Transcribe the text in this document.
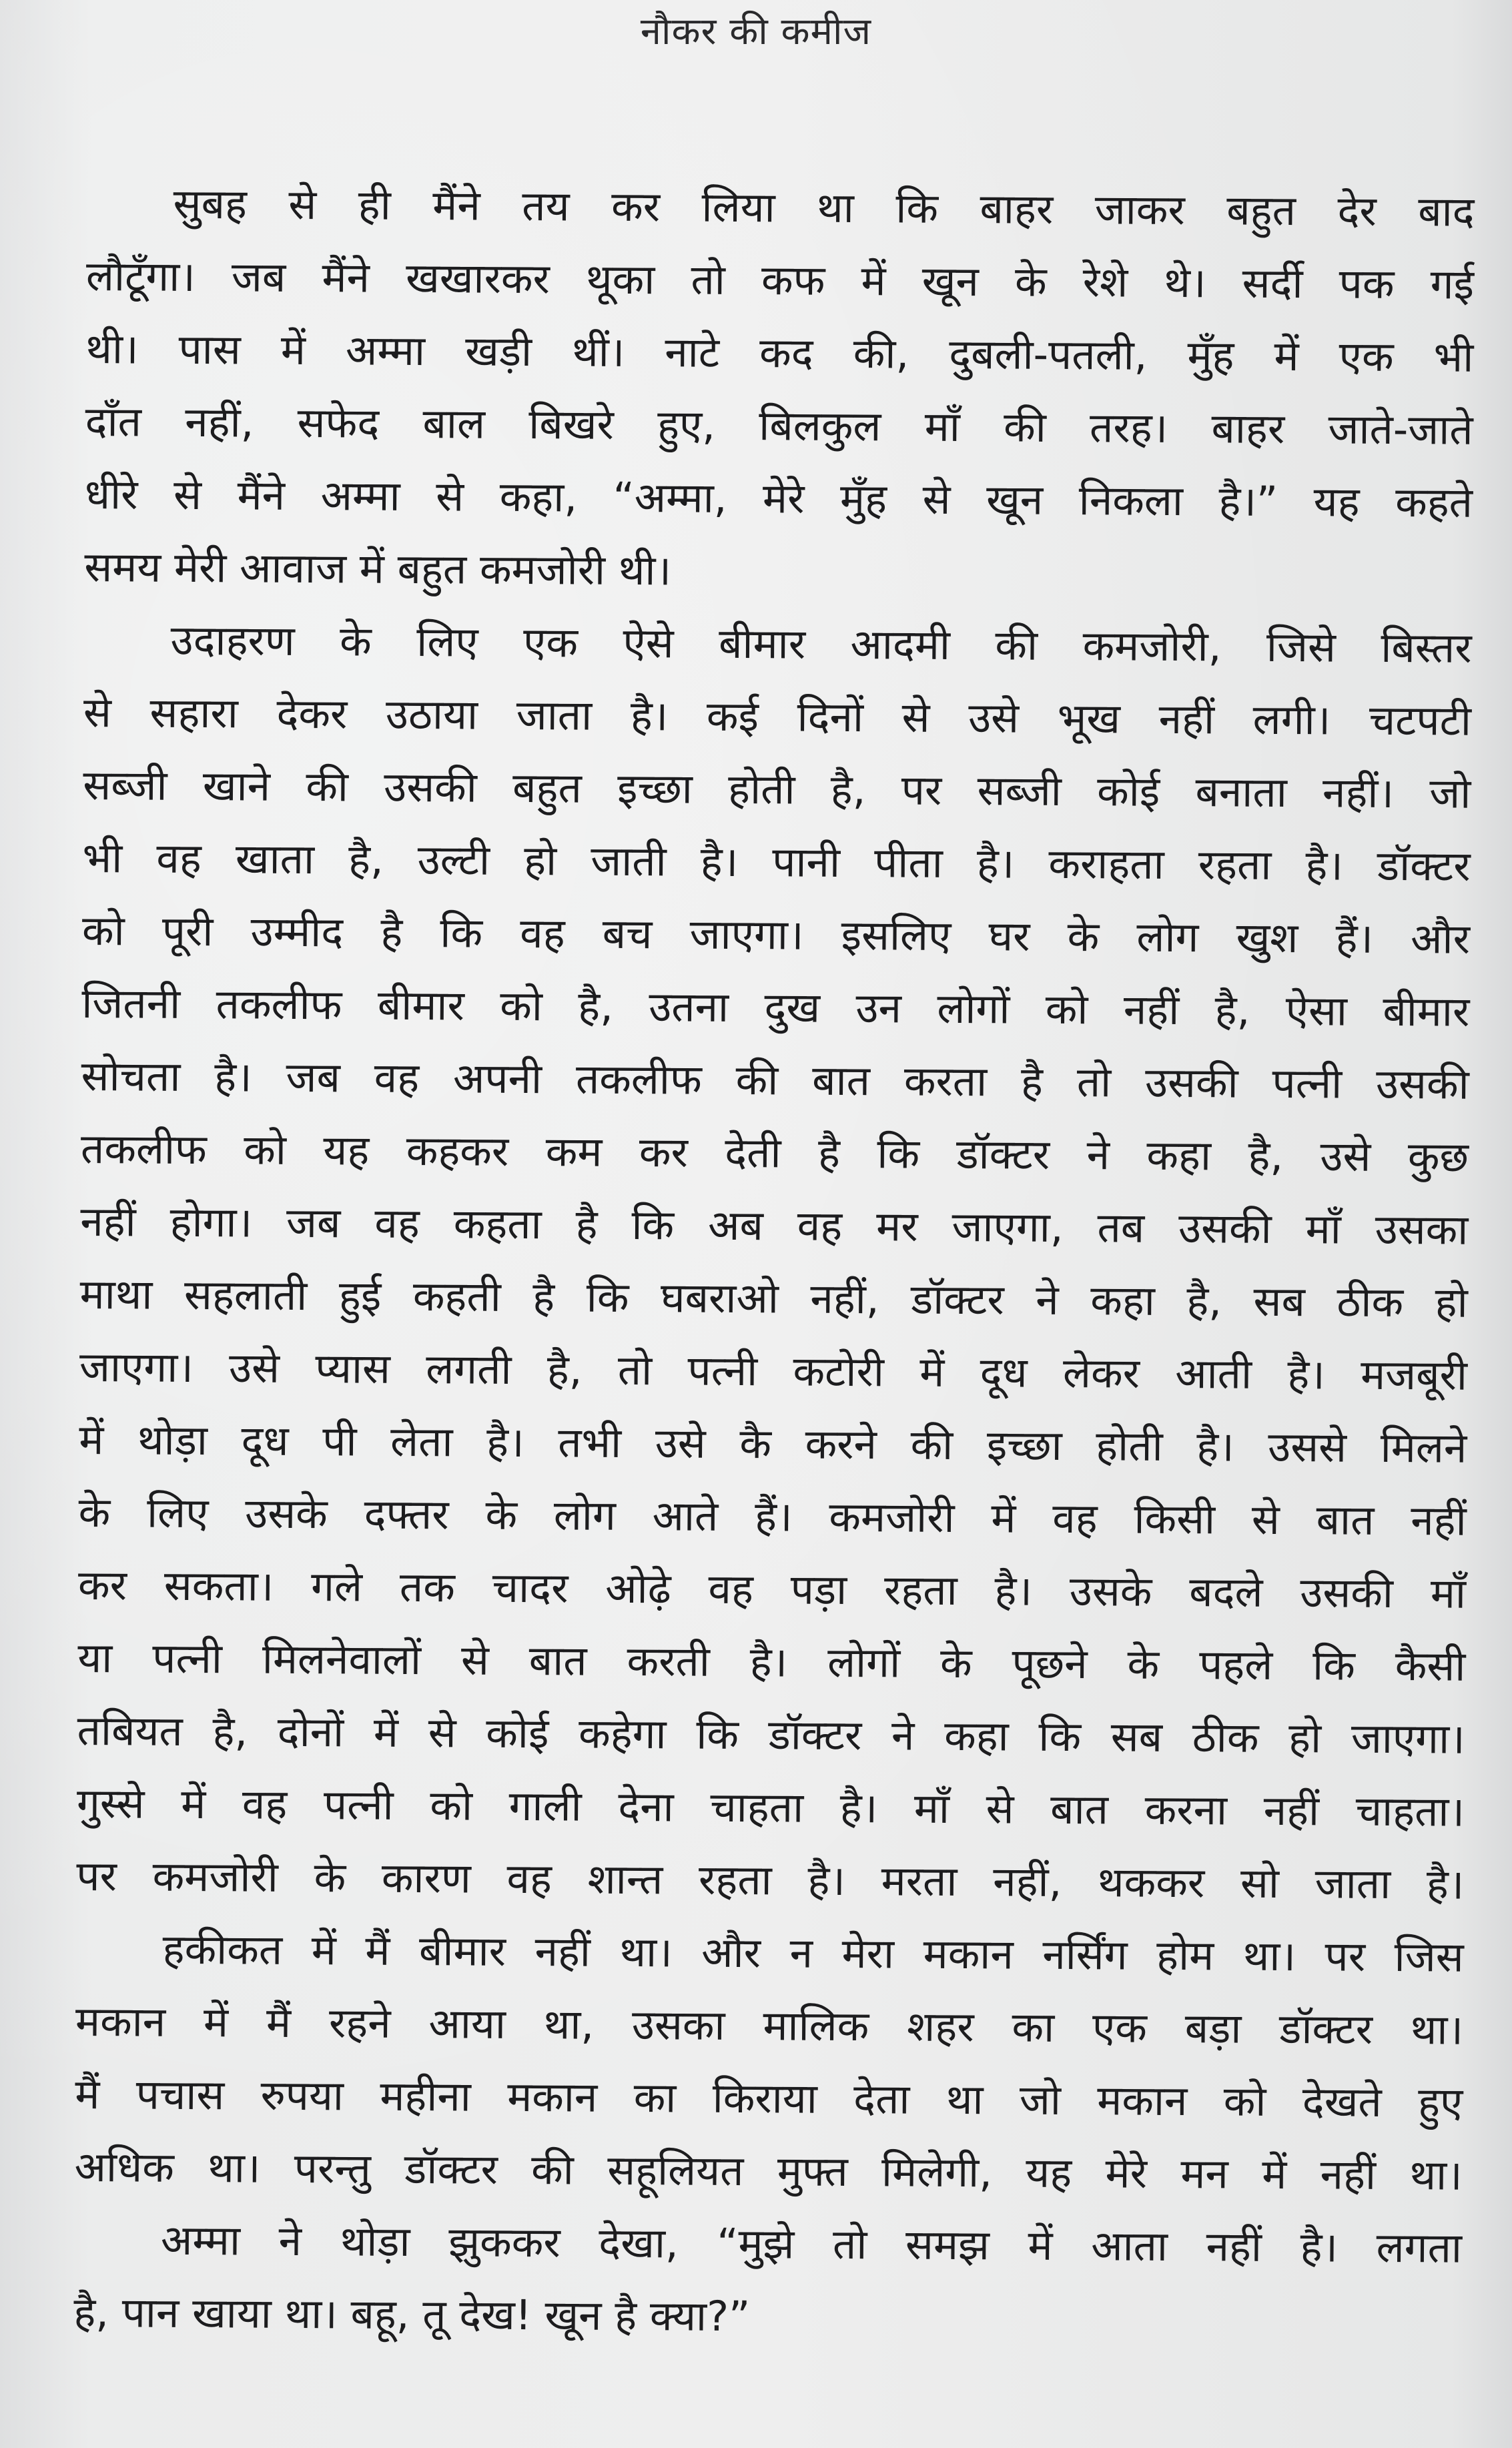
नौकर की कमीज
सुबह से ही मैंने तय कर लिया था कि बाहर जाकर बहुत देर बाद
लौटूँगा। जब मैंने खखारकर थूका तो कफ में खून के रेशे थे। सर्दी पक गई
थी। पास में अम्मा खड़ी थीं। नाटे कद की, दुबली-पतली, मुँह में एक भी
दाँत नहीं, सफेद बाल बिखरे हुए, बिलकुल माँ की तरह। बाहर जाते-जाते
धीरे से मैंने अम्मा से कहा, “अम्मा, मेरे मुँह से खून निकला है।” यह कहते
समय मेरी आवाज में बहुत कमजोरी थी।
उदाहरण के लिए एक ऐसे बीमार आदमी की कमजोरी, जिसे बिस्तर
से सहारा देकर उठाया जाता है। कई दिनों से उसे भूख नहीं लगी। चटपटी
सब्जी खाने की उसकी बहुत इच्छा होती है, पर सब्जी कोई बनाता नहीं। जो
भी वह खाता है, उल्टी हो जाती है। पानी पीता है। कराहता रहता है। डॉक्टर
को पूरी उम्मीद है कि वह बच जाएगा। इसलिए घर के लोग खुश हैं। और
जितनी तकलीफ बीमार को है, उतना दुख उन लोगों को नहीं है, ऐसा बीमार
सोचता है। जब वह अपनी तकलीफ की बात करता है तो उसकी पत्नी उसकी
तकलीफ को यह कहकर कम कर देती है कि डॉक्टर ने कहा है, उसे कुछ
नहीं होगा। जब वह कहता है कि अब वह मर जाएगा, तब उसकी माँ उसका
माथा सहलाती हुई कहती है कि घबराओ नहीं, डॉक्टर ने कहा है, सब ठीक हो
जाएगा। उसे प्यास लगती है, तो पत्नी कटोरी में दूध लेकर आती है। मजबूरी
में थोड़ा दूध पी लेता है। तभी उसे कै करने की इच्छा होती है। उससे मिलने
के लिए उसके दफ्तर के लोग आते हैं। कमजोरी में वह किसी से बात नहीं
कर सकता। गले तक चादर ओढ़े वह पड़ा रहता है। उसके बदले उसकी माँ
या पत्नी मिलनेवालों से बात करती है। लोगों के पूछने के पहले कि कैसी
तबियत है, दोनों में से कोई कहेगा कि डॉक्टर ने कहा कि सब ठीक हो जाएगा।
गुस्से में वह पत्नी को गाली देना चाहता है। माँ से बात करना नहीं चाहता।
पर कमजोरी के कारण वह शान्त रहता है। मरता नहीं, थककर सो जाता है।
हकीकत में मैं बीमार नहीं था। और न मेरा मकान नर्सिंग होम था। पर जिस
मकान में मैं रहने आया था, उसका मालिक शहर का एक बड़ा डॉक्टर था।
मैं पचास रुपया महीना मकान का किराया देता था जो मकान को देखते हुए
अधिक था। परन्तु डॉक्टर की सहूलियत मुफ्त मिलेगी, यह मेरे मन में नहीं था।
अम्मा ने थोड़ा झुककर देखा, “मुझे तो समझ में आता नहीं है। लगता
है, पान खाया था। बहू, तू देख! खून है क्या?”
